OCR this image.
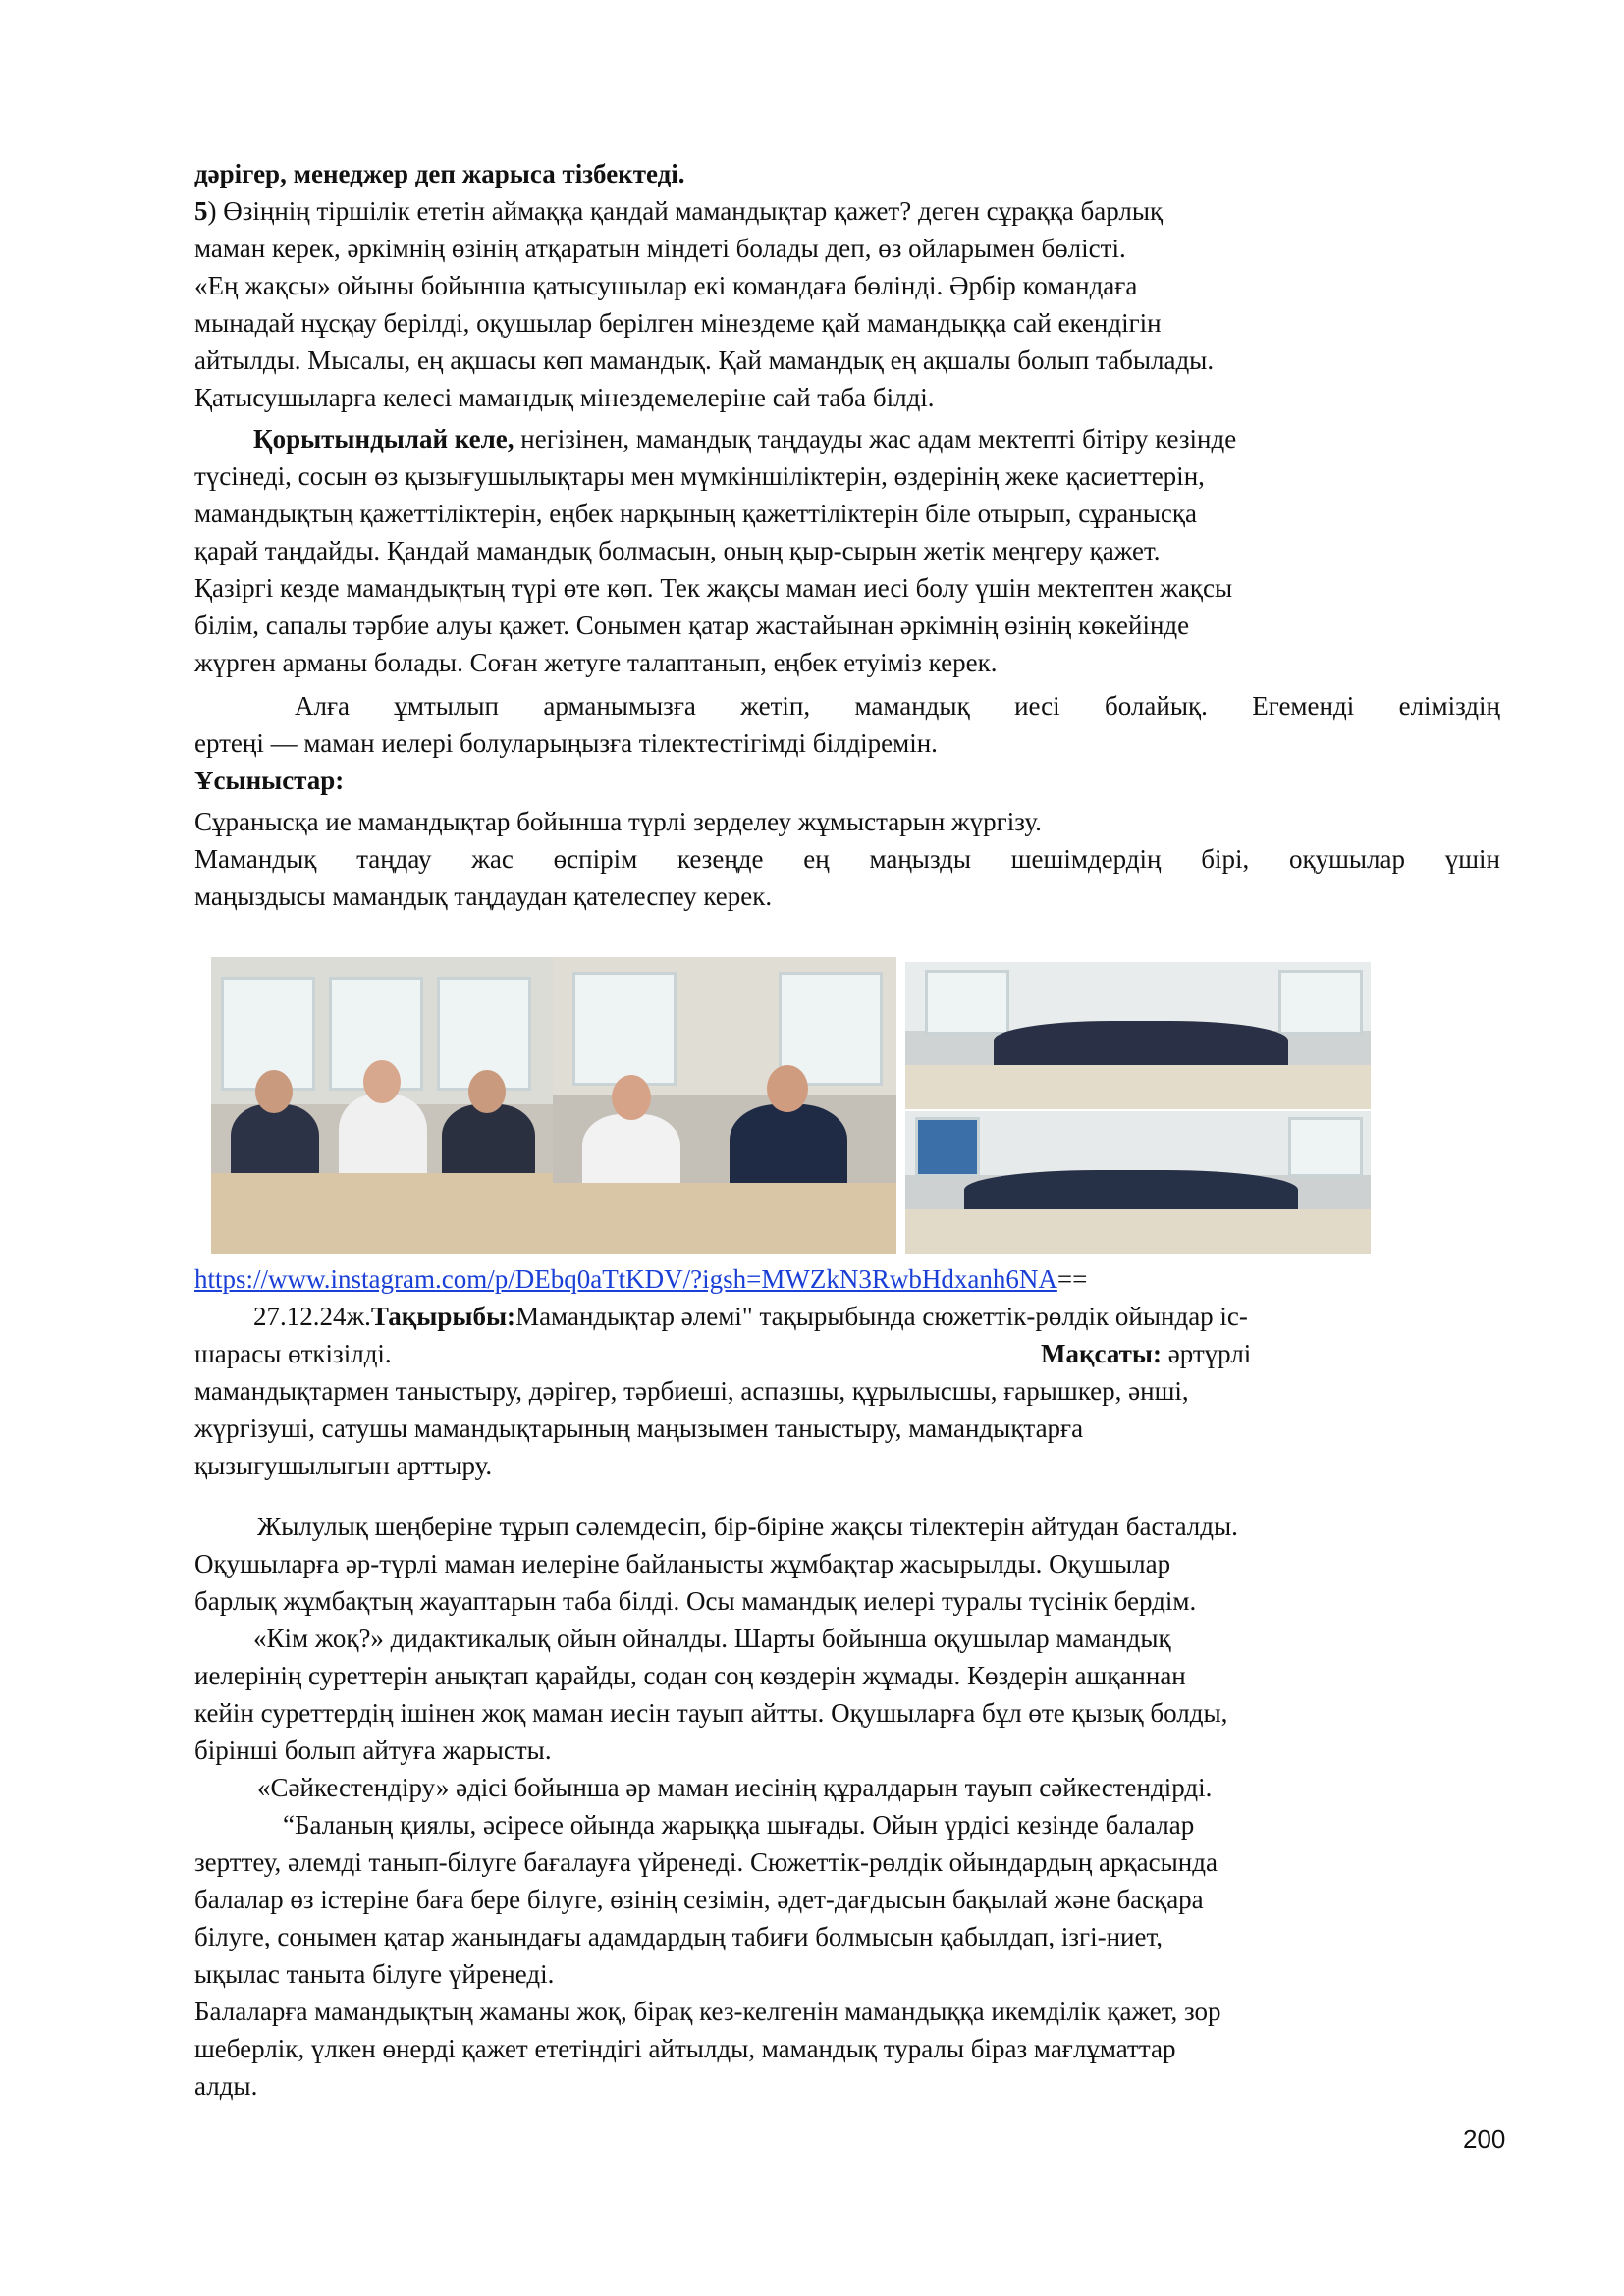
дәрігер, менеджер деп жарыса тізбектеді.

5) Өзіңнің тіршілік ететін аймаққа қандай мамандықтар қажет? деген сұраққа барлық

маман керек, әркімнің өзінің атқаратын міндеті болады деп, өз ойларымен бөлісті.

«Ең жақсы» ойыны бойынша қатысушылар екі командаға бөлінді. Әрбір командаға

мынадай нұсқау берілді, оқушылар берілген мінездеме қай мамандыққа сай екендігін

айтылды. Мысалы, ең ақшасы көп мамандық. Қай мамандық ең ақшалы болып табылады.

Қатысушыларға келесі мамандық мінездемелеріне сай таба білді.

Қорытындылай келе, негізінен, мамандық таңдауды жас адам мектепті бітіру кезінде

түсінеді, сосын өз қызығушылықтары мен мүмкіншіліктерін, өздерінің жеке қасиеттерін,

мамандықтың қажеттіліктерін, еңбек нарқының қажеттіліктерін біле отырып, сұранысқа

қарай таңдайды. Қандай мамандық болмасын, оның қыр-сырын жетік меңгеру қажет.

Қазіргі кезде мамандықтың түрі өте көп. Тек жақсы маман иесі болу үшін мектептен жақсы

білім, сапалы тәрбие алуы қажет. Сонымен қатар жастайынан әркімнің өзінің көкейінде

жүрген арманы болады. Соған жетуге талаптанып, еңбек етуіміз керек.

Алға ұмтылып арманымызға жетіп, мамандық иесі болайық. Егеменді еліміздің

ертеңі — маман иелері болуларыңызға тілектестігімді білдіремін.

Ұсыныстар:

Сұранысқа ие мамандықтар бойынша түрлі зерделеу жұмыстарын жүргізу.

Мамандық таңдау жас өспірім кезеңде ең маңызды шешімдердің бірі, оқушылар үшін

маңыздысы мамандық таңдаудан қателеспеу керек.

https://www.instagram.com/p/DEbq0aTtKDV/?igsh=MWZkN3RwbHdxanh6NA==

27.12.24ж.Тақырыбы:Мамандықтар әлемі" тақырыбында сюжеттік-рөлдік ойындар іс-

шарасы өткізілді.	Мақсаты: әртүрлі

мамандықтармен таныстыру, дәрігер, тәрбиеші, аспазшы, құрылысшы, ғарышкер, әнші,

жүргізуші, сатушы мамандықтарының маңызымен таныстыру, мамандықтарға

қызығушылығын арттыру.

Жылулық шеңберіне тұрып сәлемдесіп, бір-біріне жақсы тілектерін айтудан басталды.

Оқушыларға әр-түрлі маман иелеріне байланысты жұмбақтар жасырылды. Оқушылар

барлық жұмбақтың жауаптарын таба білді. Осы мамандық иелері туралы түсінік бердім.

«Кім жоқ?» дидактикалық ойын ойналды. Шарты бойынша оқушылар мамандық

иелерінің суреттерін анықтап қарайды, содан соң көздерін жұмады. Көздерін ашқаннан

кейін суреттердің ішінен жоқ маман иесін тауып айтты. Оқушыларға бұл өте қызық болды,

бірінші болып айтуға жарысты.

«Сәйкестендіру» әдісі бойынша әр маман иесінің құралдарын тауып сәйкестендірді.

“Баланың қиялы, әсіресе ойында жарыққа шығады. Ойын үрдісі кезінде балалар

зерттеу, әлемді танып-білуге бағалауға үйренеді. Сюжеттік-рөлдік ойындардың арқасында

балалар өз істеріне баға бере білуге, өзінің сезімін, әдет-дағдысын бақылай және басқара

білуге, сонымен қатар жанындағы адамдардың табиғи болмысын қабылдап, ізгі-ниет,

ықылас таныта білуге үйренеді.

Балаларға мамандықтың жаманы жоқ, бірақ кез-келгенін мамандыққа икемділік қажет, зор

шеберлік, үлкен өнерді қажет ететіндігі айтылды, мамандық туралы біраз мағлұматтар

алды.

200
